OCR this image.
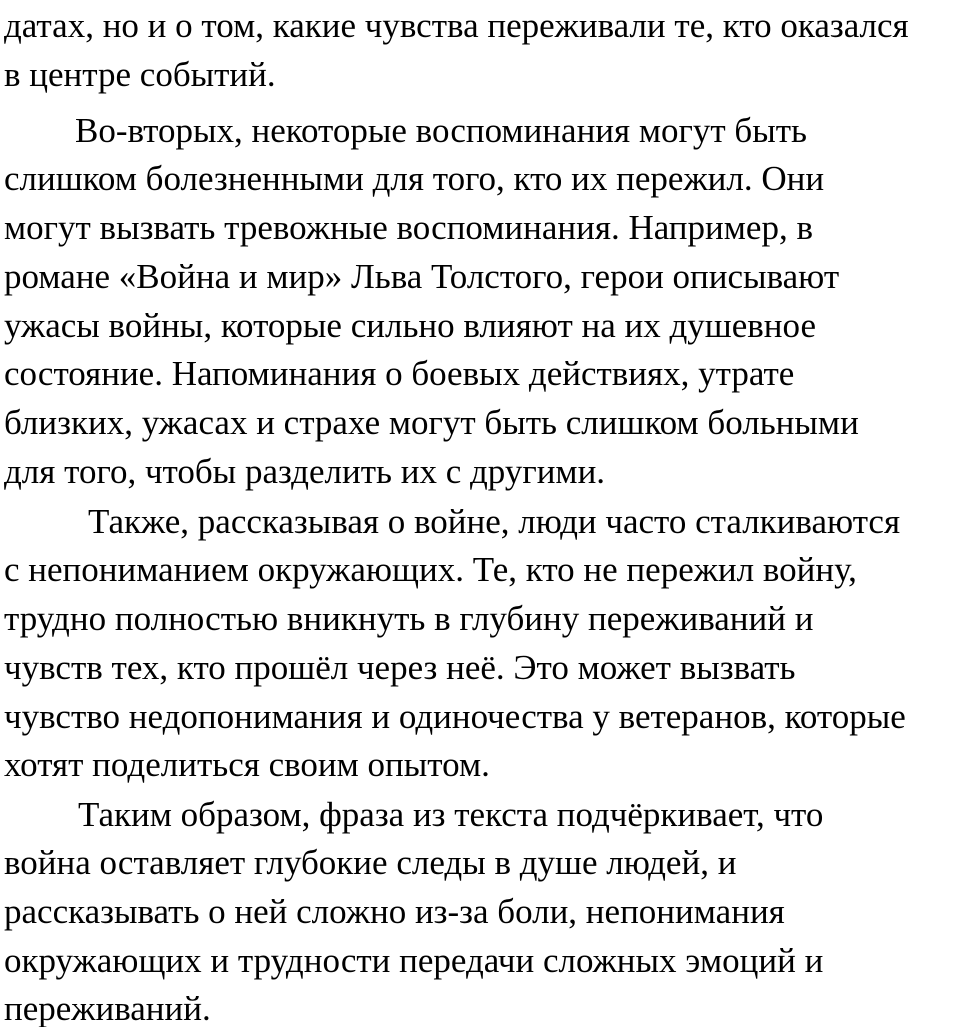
датах, но и о том, какие чувства переживали те, кто оказался
в центре событий.
Во-вторых, некоторые воспоминания могут быть
слишком болезненными для того, кто их пережил. Они
могут вызвать тревожные воспоминания. Например, в
романе «Война и мир» Льва Толстого, герои описывают
ужасы войны, которые сильно влияют на их душевное
состояние. Напоминания о боевых действиях, утрате
близких, ужасах и страхе могут быть слишком больными
для того, чтобы разделить их с другими.
Также, рассказывая о войне, люди часто сталкиваются
с непониманием окружающих. Те, кто не пережил войну,
трудно полностью вникнуть в глубину переживаний и
чувств тех, кто прошёл через неё. Это может вызвать
чувство недопонимания и одиночества у ветеранов, которые
хотят поделиться своим опытом.
Таким образом, фраза из текста подчёркивает, что
война оставляет глубокие следы в душе людей, и
рассказывать о ней сложно из-за боли, непонимания
окружающих и трудности передачи сложных эмоций и
переживаний.
